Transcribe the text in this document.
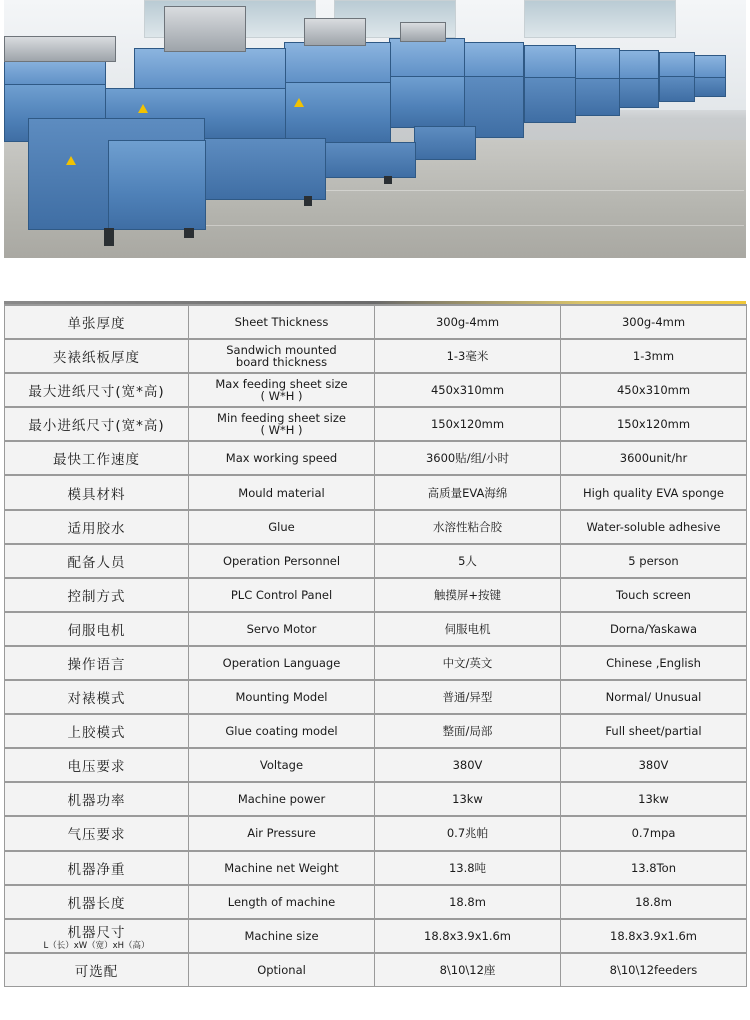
单张厚度	Sheet Thickness	300g-4mm	300g-4mm

夹裱纸板厚度	Sandwich mounted
board thickness	1-3毫米	1-3mm

最大进纸尺寸(宽*高)	Max feeding sheet size
( W*H )	450x310mm	450x310mm

最小进纸尺寸(宽*高)	Min feeding sheet size
( W*H )	150x120mm	150x120mm

最快工作速度	Max working speed	3600贴/组/小时	3600unit/hr

模具材料	Mould material	高质量EVA海绵	High quality EVA sponge

适用胶水	Glue	水溶性粘合胶	Water-soluble adhesive

配备人员	Operation Personnel	5人	5 person

控制方式	PLC Control Panel	触摸屏+按键	Touch screen

伺服电机	Servo Motor	伺服电机	Dorna/Yaskawa

操作语言	Operation Language	中文/英文	Chinese ,English

对裱模式	Mounting Model	普通/异型	Normal/ Unusual

上胶模式	Glue coating model	整面/局部	Full sheet/partial

电压要求	Voltage	380V	380V

机器功率	Machine power	13kw	13kw

气压要求	Air Pressure	0.7兆帕	0.7mpa

机器净重	Machine net Weight	13.8吨	13.8Ton

机器长度	Length of machine	18.8m	18.8m

机器尺寸
L（长）xW（宽）xH（高）	Machine size	18.8x3.9x1.6m	18.8x3.9x1.6m

可选配	Optional	8\10\12座	8\10\12feeders
